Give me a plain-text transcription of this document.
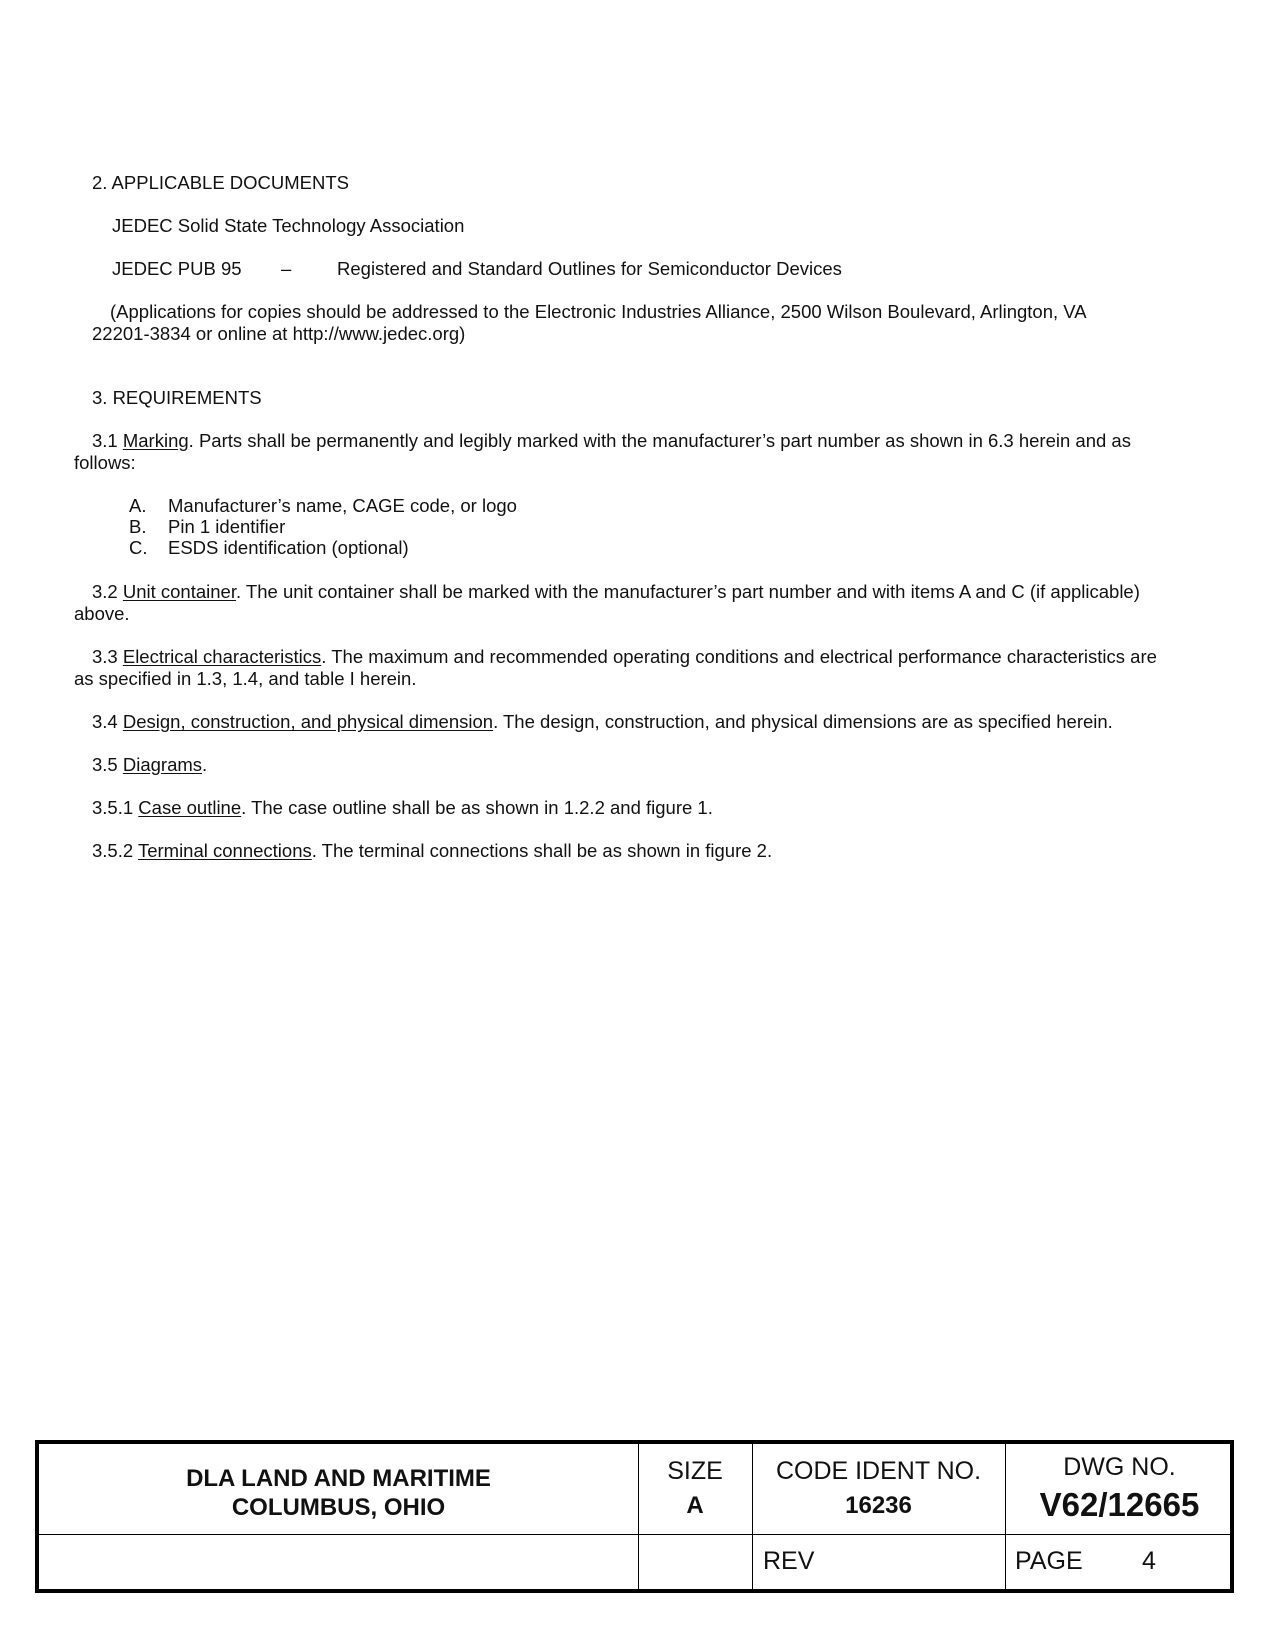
2. APPLICABLE DOCUMENTS
JEDEC Solid State Technology Association
JEDEC PUB 95 – Registered and Standard Outlines for Semiconductor Devices
(Applications for copies should be addressed to the Electronic Industries Alliance, 2500 Wilson Boulevard, Arlington, VA
22201-3834 or online at http://www.jedec.org)
3. REQUIREMENTS
3.1 Marking. Parts shall be permanently and legibly marked with the manufacturer’s part number as shown in 6.3 herein and as
follows:
A. Manufacturer’s name, CAGE code, or logo
B. Pin 1 identifier
C. ESDS identification (optional)
3.2 Unit container. The unit container shall be marked with the manufacturer’s part number and with items A and C (if applicable)
above.
3.3 Electrical characteristics. The maximum and recommended operating conditions and electrical performance characteristics are
as specified in 1.3, 1.4, and table I herein.
3.4 Design, construction, and physical dimension. The design, construction, and physical dimensions are as specified herein.
3.5 Diagrams.
3.5.1 Case outline. The case outline shall be as shown in 1.2.2 and figure 1.
3.5.2 Terminal connections. The terminal connections shall be as shown in figure 2.
DLA LAND AND MARITIME
COLUMBUS, OHIO
SIZE
A
CODE IDENT NO.
16236
DWG NO.
V62/12665
REV	PAGE 4
